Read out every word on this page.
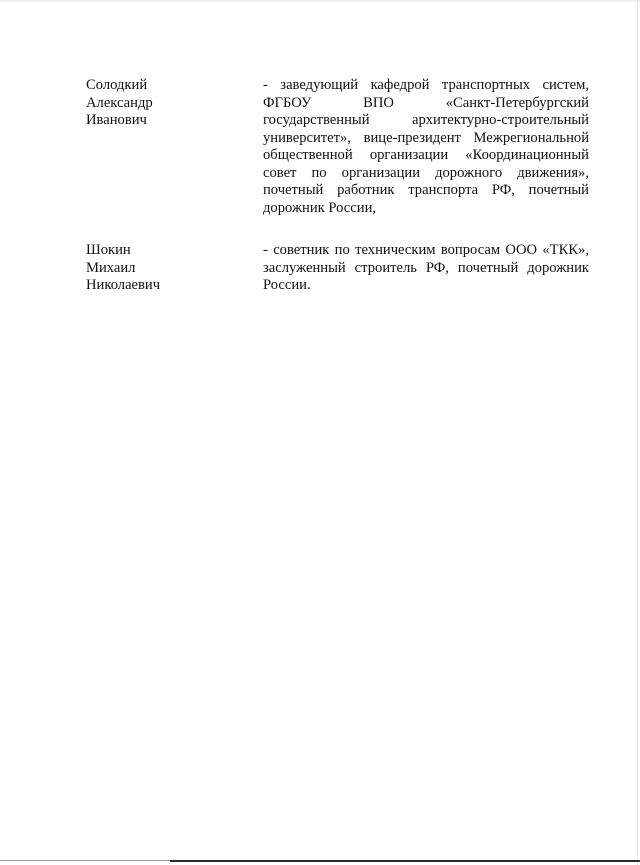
Солодкий
Александр
Иванович
- заведующий кафедрой транспортных систем,
ФГБОУ ВПО «Санкт-Петербургский
государственный архитектурно-строительный
университет», вице-президент Межрегиональной
общественной организации «Координационный
совет по организации дорожного движения»,
почетный работник транспорта РФ, почетный
дорожник России,
Шокин
Михаил
Николаевич
- советник по техническим вопросам ООО «ТКК»,
заслуженный строитель РФ, почетный дорожник
России.
